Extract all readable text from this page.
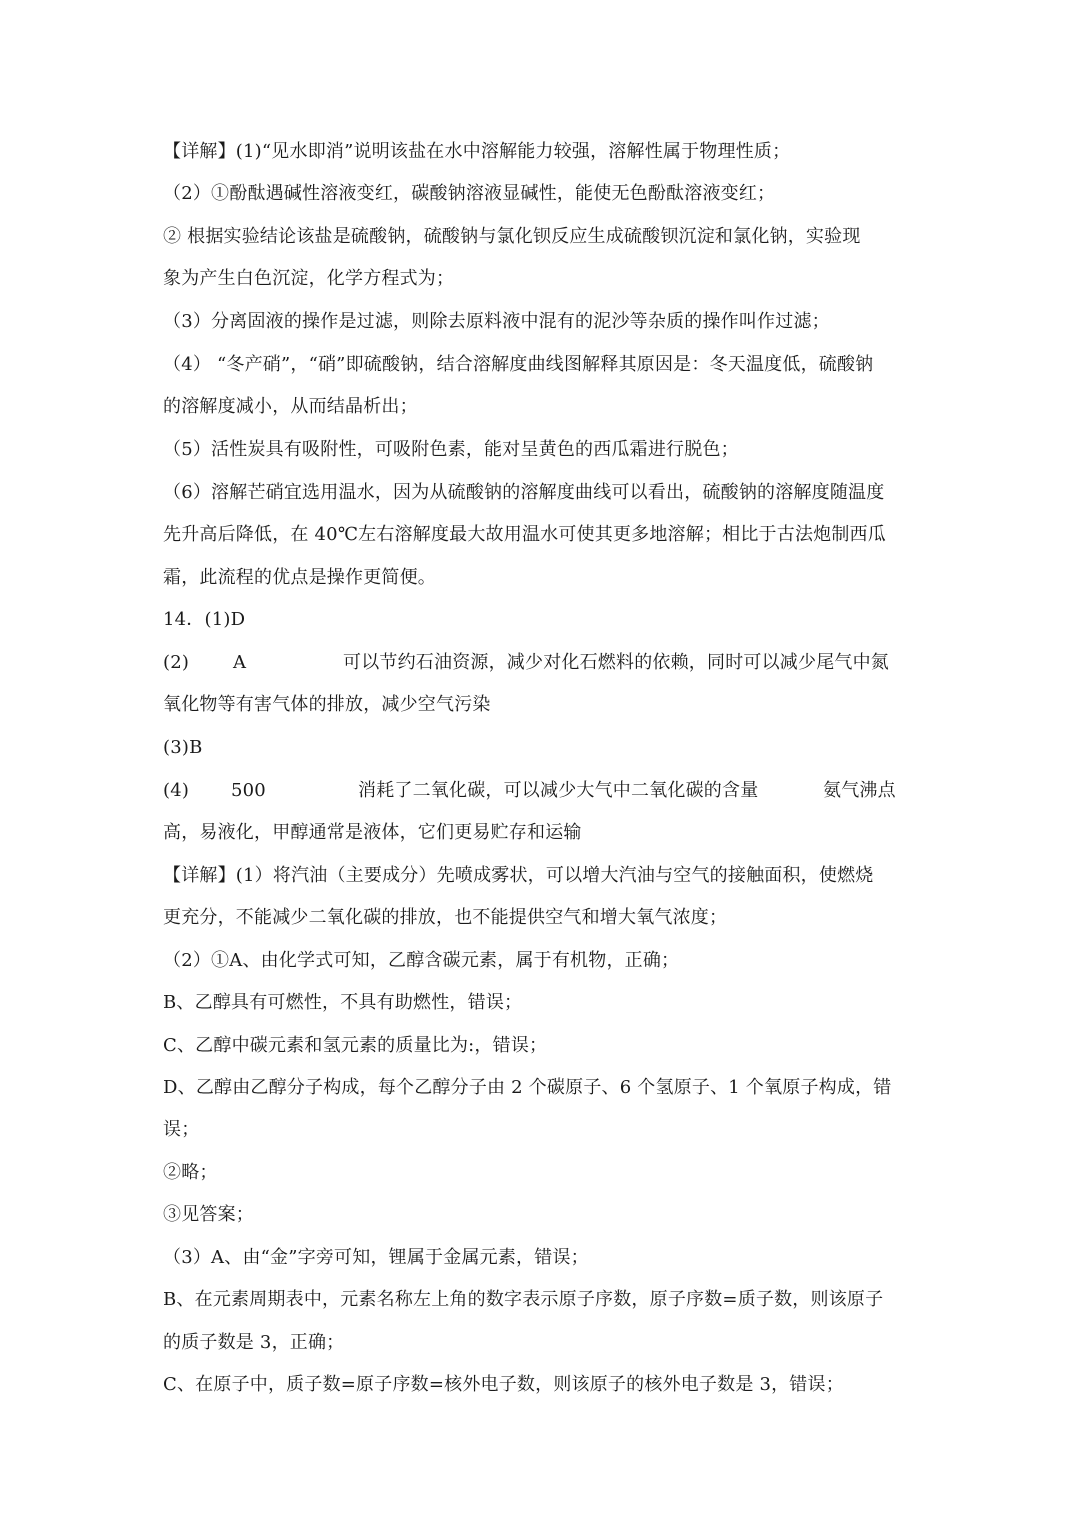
【详解】(1)“见水即消”说明该盐在水中溶解能力较强，溶解性属于物理性质；
（2）①酚酞遇碱性溶液变红，碳酸钠溶液显碱性，能使无色酚酞溶液变红；
② 根据实验结论该盐是硫酸钠，硫酸钠与氯化钡反应生成硫酸钡沉淀和氯化钠，实验现
象为产生白色沉淀，化学方程式为；
（3）分离固液的操作是过滤，则除去原料液中混有的泥沙等杂质的操作叫作过滤；
（4） “冬产硝”，“硝”即硫酸钠，结合溶解度曲线图解释其原因是：冬天温度低，硫酸钠
的溶解度减小，从而结晶析出；
（5）活性炭具有吸附性，可吸附色素，能对呈黄色的西瓜霜进行脱色；
（6）溶解芒硝宜选用温水，因为从硫酸钠的溶解度曲线可以看出，硫酸钠的溶解度随温度
先升高后降低，在 40℃左右溶解度最大故用温水可使其更多地溶解；相比于古法炮制西瓜
霜，此流程的优点是操作更简便。
14．(1)D
(2) A	可以节约石油资源，减少对化石燃料的依赖，同时可以减少尾气中氮
氧化物等有害气体的排放，减少空气污染
(3)B
(4) 500	消耗了二氧化碳，可以减少大气中二氧化碳的含量	氨气沸点
高，易液化，甲醇通常是液体，它们更易贮存和运输
【详解】(1）将汽油（主要成分）先喷成雾状，可以增大汽油与空气的接触面积，使燃烧
更充分，不能减少二氧化碳的排放，也不能提供空气和增大氧气浓度；
（2）①A、由化学式可知，乙醇含碳元素，属于有机物，正确；
B、乙醇具有可燃性，不具有助燃性，错误；
C、乙醇中碳元素和氢元素的质量比为:，错误；
D、乙醇由乙醇分子构成，每个乙醇分子由 2 个碳原子、6 个氢原子、1 个氧原子构成，错
误；
②略；
③见答案；
（3）A、由“金”字旁可知，锂属于金属元素，错误；
B、在元素周期表中，元素名称左上角的数字表示原子序数，原子序数=质子数，则该原子
的质子数是 3，正确；
C、在原子中，质子数=原子序数=核外电子数，则该原子的核外电子数是 3，错误；
